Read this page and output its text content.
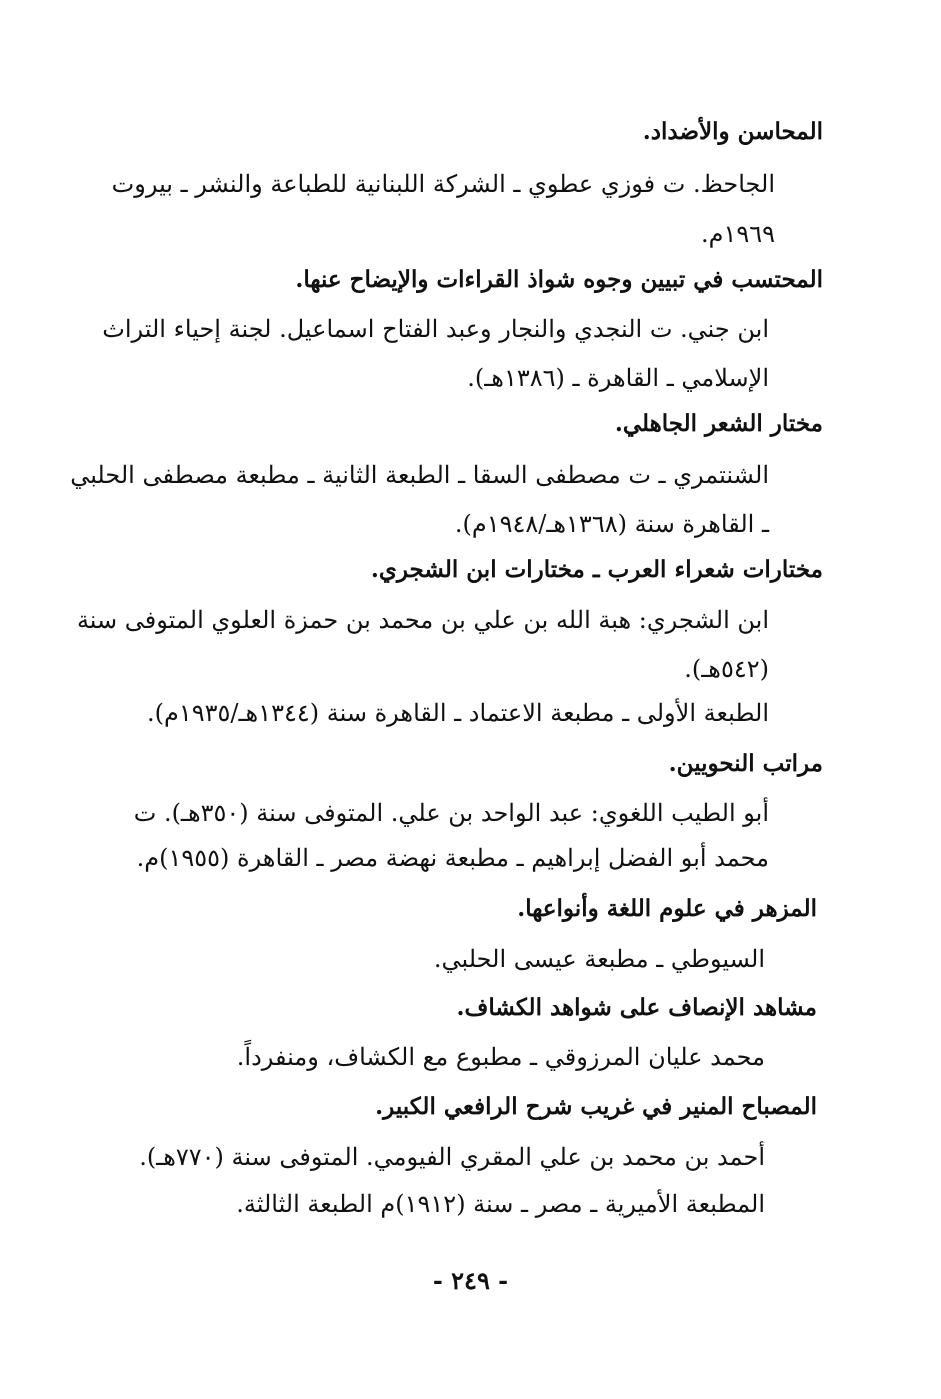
المحاسن والأضداد.
الجاحظ. ت فوزي عطوي ـ الشركة اللبنانية للطباعة والنشر ـ بيروت
١٩٦٩م.
المحتسب في تبيين وجوه شواذ القراءات والإيضاح عنها.
ابن جني. ت النجدي والنجار وعبد الفتاح اسماعيل. لجنة إحياء التراث
الإسلامي ـ القاهرة ـ (١٣٨٦هـ).
مختار الشعر الجاهلي.
الشنتمري ـ ت مصطفى السقا ـ الطبعة الثانية ـ مطبعة مصطفى الحلبي
ـ القاهرة سنة (١٣٦٨هـ/١٩٤٨م).
مختارات شعراء العرب ـ مختارات ابن الشجري.
ابن الشجري: هبة الله بن علي بن محمد بن حمزة العلوي المتوفى سنة
(٥٤٢هـ).
الطبعة الأولى ـ مطبعة الاعتماد ـ القاهرة سنة (١٣٤٤هـ/١٩٣٥م).
مراتب النحويين.
أبو الطيب اللغوي: عبد الواحد بن علي. المتوفى سنة (٣٥٠هـ). ت
محمد أبو الفضل إبراهيم ـ مطبعة نهضة مصر ـ القاهرة (١٩٥٥)م.
المزهر في علوم اللغة وأنواعها.
السيوطي ـ مطبعة عيسى الحلبي.
مشاهد الإنصاف على شواهد الكشاف.
محمد عليان المرزوقي ـ مطبوع مع الكشاف، ومنفرداً.
المصباح المنير في غريب شرح الرافعي الكبير.
أحمد بن محمد بن علي المقري الفيومي. المتوفى سنة (٧٧٠هـ).
المطبعة الأميرية ـ مصر ـ سنة (١٩١٢)م الطبعة الثالثة.
- ٢٤٩ -
